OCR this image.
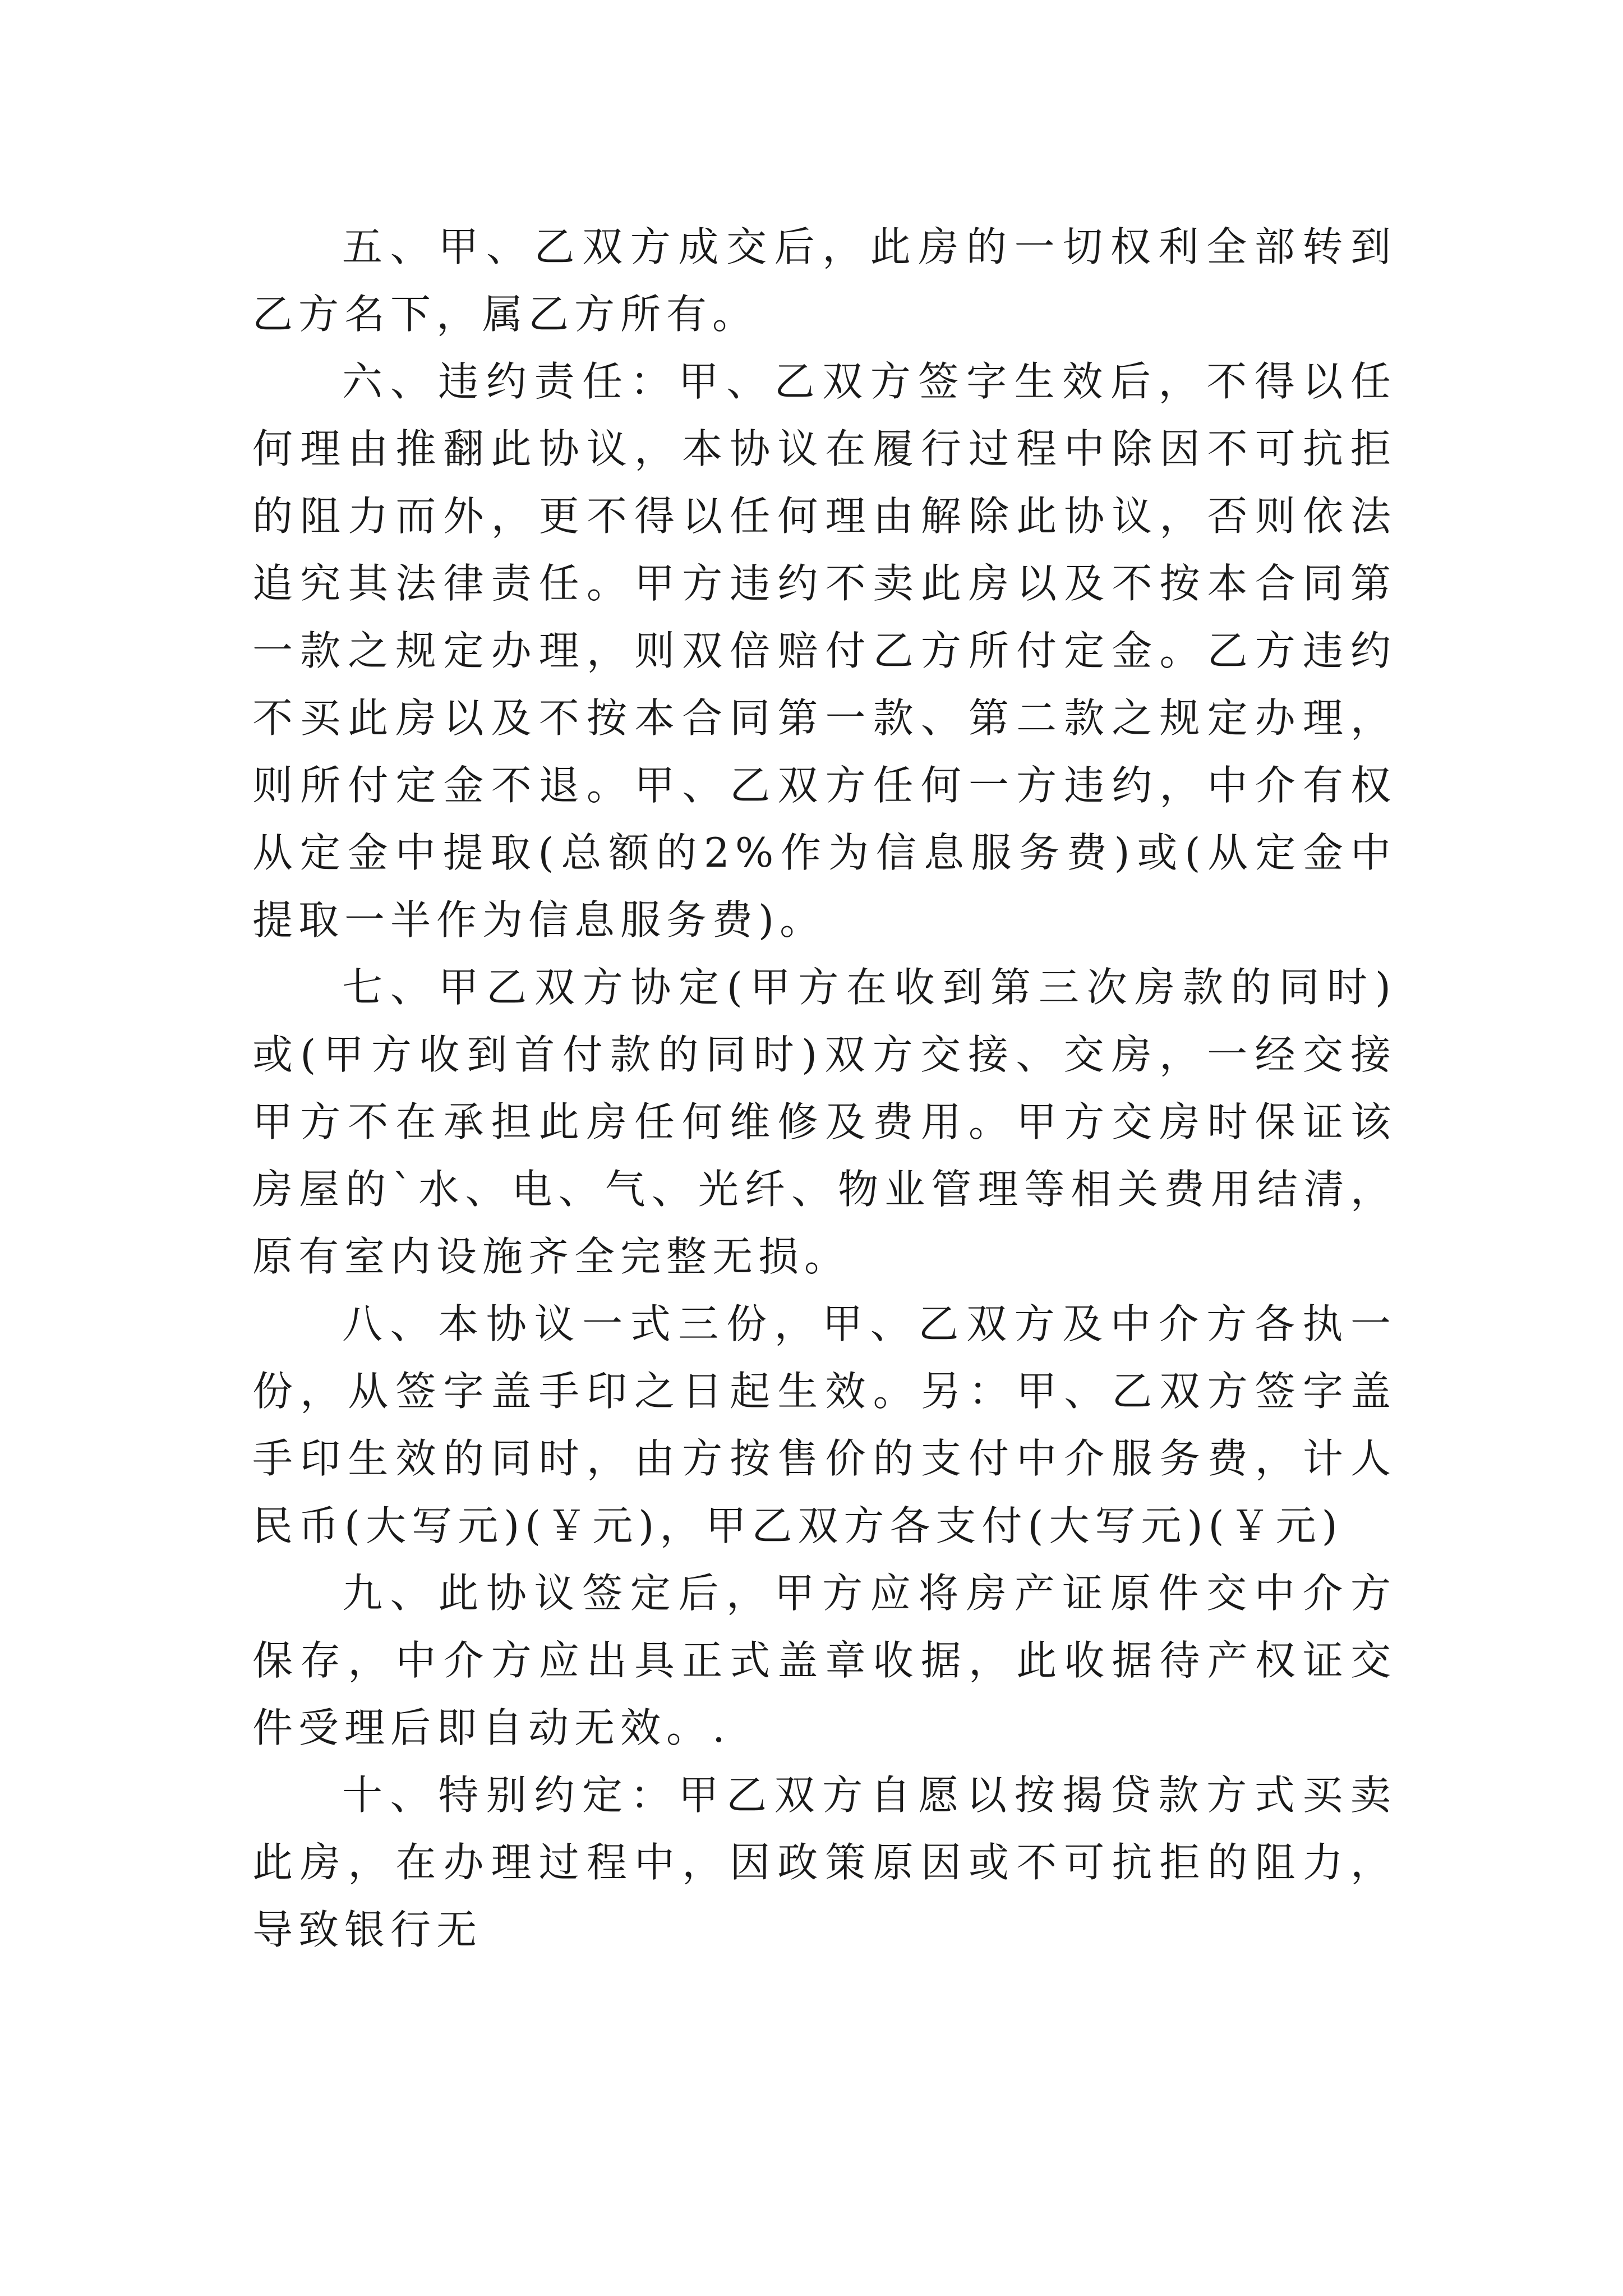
五、甲、乙双方成交后，此房的一切权利全部转到乙方名下，属乙方所有。

六、违约责任：甲、乙双方签字生效后，不得以任何理由推翻此协议，本协议在履行过程中除因不可抗拒的阻力而外，更不得以任何理由解除此协议，否则依法追究其法律责任。甲方违约不卖此房以及不按本合同第一款之规定办理，则双倍赔付乙方所付定金。乙方违约不买此房以及不按本合同第一款、第二款之规定办理，则所付定金不退。甲、乙双方任何一方违约，中介有权从定金中提取(总额的2%作为信息服务费)或(从定金中提取一半作为信息服务费)。

七、甲乙双方协定(甲方在收到第三次房款的同时)或(甲方收到首付款的同时)双方交接、交房，一经交接甲方不在承担此房任何维修及费用。甲方交房时保证该房屋的`水、电、气、光纤、物业管理等相关费用结清，原有室内设施齐全完整无损。

八、本协议一式三份，甲、乙双方及中介方各执一份，从签字盖手印之日起生效。另：甲、乙双方签字盖手印生效的同时，由方按售价的支付中介服务费，计人民币(大写元)(￥元)，甲乙双方各支付(大写元)(￥元)

九、此协议签定后，甲方应将房产证原件交中介方保存，中介方应出具正式盖章收据，此收据待产权证交件受理后即自动无效。.

十、特别约定：甲乙双方自愿以按揭贷款方式买卖此房，在办理过程中，因政策原因或不可抗拒的阻力，导致银行无
